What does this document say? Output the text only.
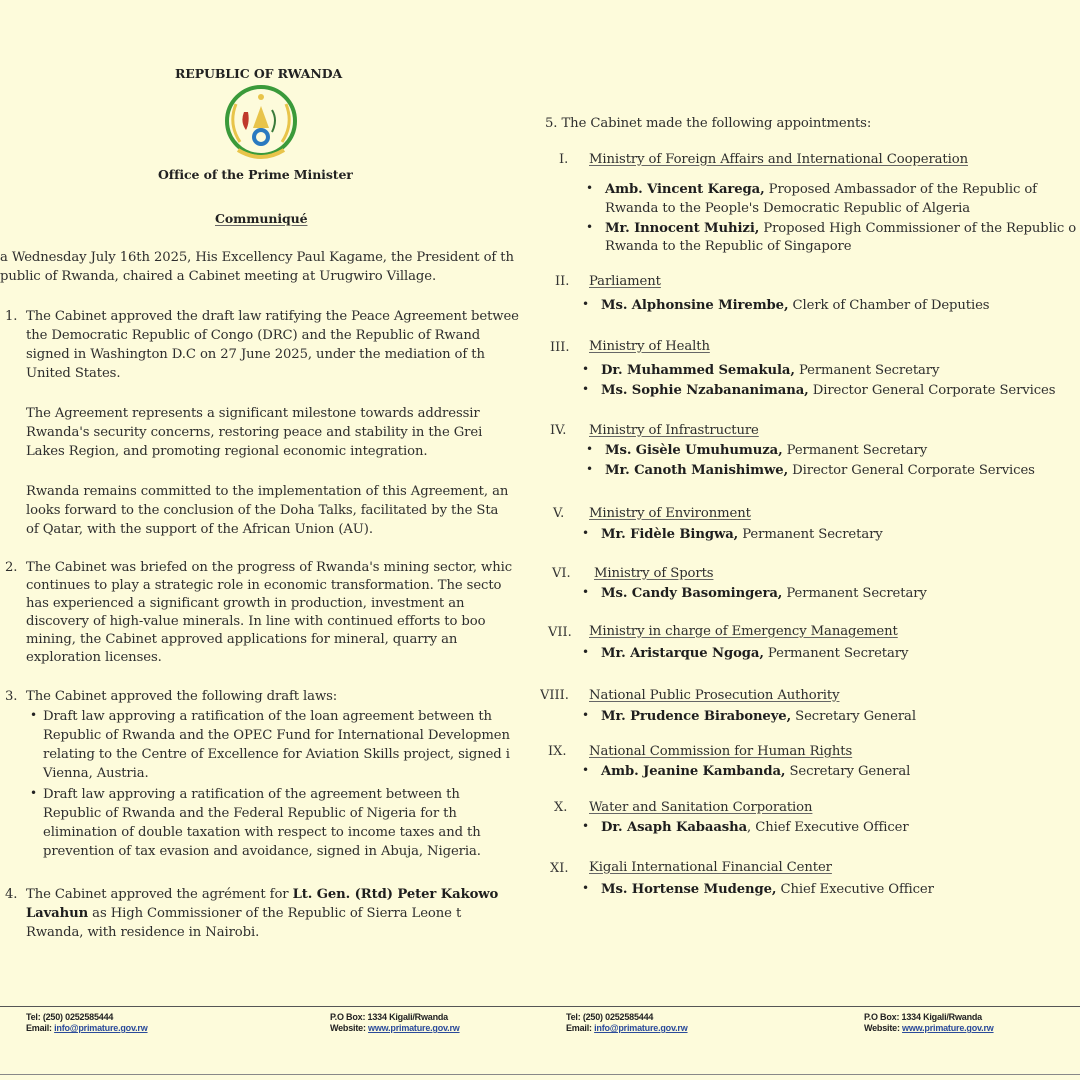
REPUBLIC OF RWANDA
Office of the Prime Minister
Communiqué
a Wednesday July 16th 2025, His Excellency Paul Kagame, the President of th
public of Rwanda, chaired a Cabinet meeting at Urugwiro Village.
1. The Cabinet approved the draft law ratifying the Peace Agreement betwee
the Democratic Republic of Congo (DRC) and the Republic of Rwand
signed in Washington D.C on 27 June 2025, under the mediation of th
United States.
The Agreement represents a significant milestone towards addressir
Rwanda's security concerns, restoring peace and stability in the Grei
Lakes Region, and promoting regional economic integration.
Rwanda remains committed to the implementation of this Agreement, an
looks forward to the conclusion of the Doha Talks, facilitated by the Sta
of Qatar, with the support of the African Union (AU).
2. The Cabinet was briefed on the progress of Rwanda's mining sector, whic
continues to play a strategic role in economic transformation. The secto
has experienced a significant growth in production, investment an
discovery of high-value minerals. In line with continued efforts to boo
mining, the Cabinet approved applications for mineral, quarry an
exploration licenses.
3. The Cabinet approved the following draft laws:
• Draft law approving a ratification of the loan agreement between th
Republic of Rwanda and the OPEC Fund for International Developmen
relating to the Centre of Excellence for Aviation Skills project, signed i
Vienna, Austria.
• Draft law approving a ratification of the agreement between th
Republic of Rwanda and the Federal Republic of Nigeria for th
elimination of double taxation with respect to income taxes and th
prevention of tax evasion and avoidance, signed in Abuja, Nigeria.
4. The Cabinet approved the agrément for Lt. Gen. (Rtd) Peter Kakowo
Lavahun as High Commissioner of the Republic of Sierra Leone t
Rwanda, with residence in Nairobi.
Tel: (250) 0252585444
Email: info@primature.gov.rw
P.O Box: 1334 Kigali/Rwanda
Website: www.primature.gov.rw
5. The Cabinet made the following appointments:
I. Ministry of Foreign Affairs and International Cooperation
• Amb. Vincent Karega, Proposed Ambassador of the Republic of
Rwanda to the People's Democratic Republic of Algeria
• Mr. Innocent Muhizi, Proposed High Commissioner of the Republic o
Rwanda to the Republic of Singapore
II. Parliament
• Ms. Alphonsine Mirembe, Clerk of Chamber of Deputies
III. Ministry of Health
• Dr. Muhammed Semakula, Permanent Secretary
• Ms. Sophie Nzabananimana, Director General Corporate Services
IV. Ministry of Infrastructure
• Ms. Gisèle Umuhumuza, Permanent Secretary
• Mr. Canoth Manishimwe, Director General Corporate Services
V. Ministry of Environment
• Mr. Fidèle Bingwa, Permanent Secretary
VI. Ministry of Sports
• Ms. Candy Basomingera, Permanent Secretary
VII. Ministry in charge of Emergency Management
• Mr. Aristarque Ngoga, Permanent Secretary
VIII. National Public Prosecution Authority
• Mr. Prudence Biraboneye, Secretary General
IX. National Commission for Human Rights
• Amb. Jeanine Kambanda, Secretary General
X. Water and Sanitation Corporation
• Dr. Asaph Kabaasha, Chief Executive Officer
XI. Kigali International Financial Center
• Ms. Hortense Mudenge, Chief Executive Officer
Tel: (250) 0252585444
Email: info@primature.gov.rw
P.O Box: 1334 Kigali/Rwanda
Website: www.primature.gov.rw
